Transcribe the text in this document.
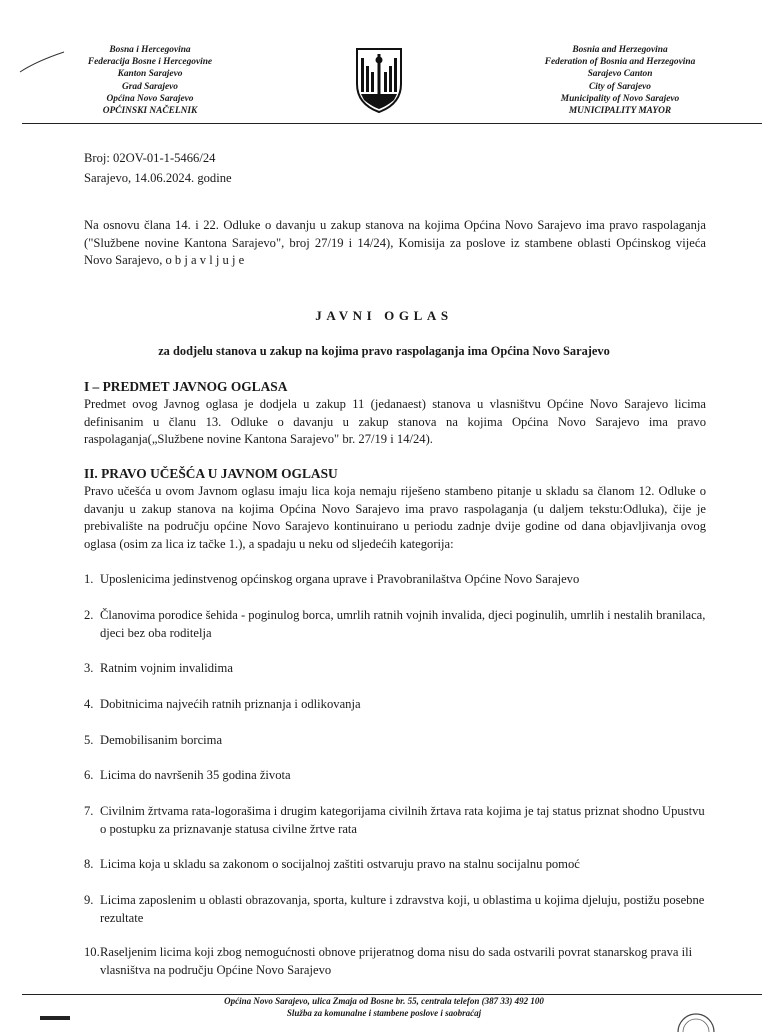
Bosna i Hercegovina
Federacija Bosne i Hercegovine
Kanton Sarajevo
Grad Sarajevo
Općina Novo Sarajevo
OPĆINSKI NAČELNIK
Bosnia and Herzegovina
Federation of Bosnia and Herzegovina
Sarajevo Canton
City of Sarajevo
Municipality of Novo Sarajevo
MUNICIPALITY MAYOR
Broj: 02OV-01-1-5466/24
Sarajevo, 14.06.2024. godine
Na osnovu člana 14. i 22. Odluke o davanju u zakup stanova na kojima Općina Novo Sarajevo ima pravo raspolaganja ("Službene novine Kantona Sarajevo", broj 27/19 i 14/24), Komisija za poslove iz stambene oblasti Općinskog vijeća Novo Sarajevo, o b j a v l j u j e
JAVNI OGLAS
za dodjelu stanova u zakup na kojima pravo raspolaganja ima Općina Novo Sarajevo
I – PREDMET JAVNOG OGLASA
Predmet ovog Javnog oglasa je dodjela u zakup 11 (jedanaest) stanova u vlasništvu Općine Novo Sarajevo licima definisanim u članu 13. Odluke o davanju u zakup stanova na kojima Općina Novo Sarajevo ima pravo raspolaganja(„Službene novine Kantona Sarajevo" br. 27/19 i 14/24).
II. PRAVO UČEŠĆA U JAVNOM OGLASU
Pravo učešća u ovom Javnom oglasu imaju lica koja nemaju riješeno stambeno pitanje u skladu sa članom 12. Odluke o davanju u zakup stanova na kojima Općina Novo Sarajevo ima pravo raspolaganja (u daljem tekstu:Odluka), čije je prebivalište na području općine Novo Sarajevo kontinuirano u periodu zadnje dvije godine od dana objavljivanja ovog oglasa (osim za lica iz tačke 1.), a spadaju u neku od sljedećih kategorija:
1. Uposlenicima jedinstvenog općinskog organa uprave i Pravobranilaštva Općine Novo Sarajevo
2. Članovima porodice šehida - poginulog borca, umrlih ratnih vojnih invalida, djeci poginulih, umrlih i nestalih branilaca, djeci bez oba roditelja
3. Ratnim vojnim invalidima
4. Dobitnicima najvećih ratnih priznanja i odlikovanja
5. Demobilisanim borcima
6. Licima do navršenih 35 godina života
7. Civilnim žrtvama rata-logorašima i drugim kategorijama civilnih žrtava rata kojima je taj status priznat shodno Upustvu o postupku za priznavanje statusa civilne žrtve rata
8. Licima koja u skladu sa zakonom o socijalnoj zaštiti ostvaruju pravo na stalnu socijalnu pomoć
9. Licima zaposlenim u oblasti obrazovanja, sporta, kulture i zdravstva koji, u oblastima u kojima djeluju, postižu posebne rezultate
10.Raseljenim licima koji zbog nemogućnosti obnove prijeratnog doma nisu do sada ostvarili povrat stanarskog prava ili vlasništva na području Općine Novo Sarajevo
Općina Novo Sarajevo, ulica Zmaja od Bosne br. 55, centrala telefon (387 33) 492 100
Služba za komunalne i stambene poslove i saobraćaj
